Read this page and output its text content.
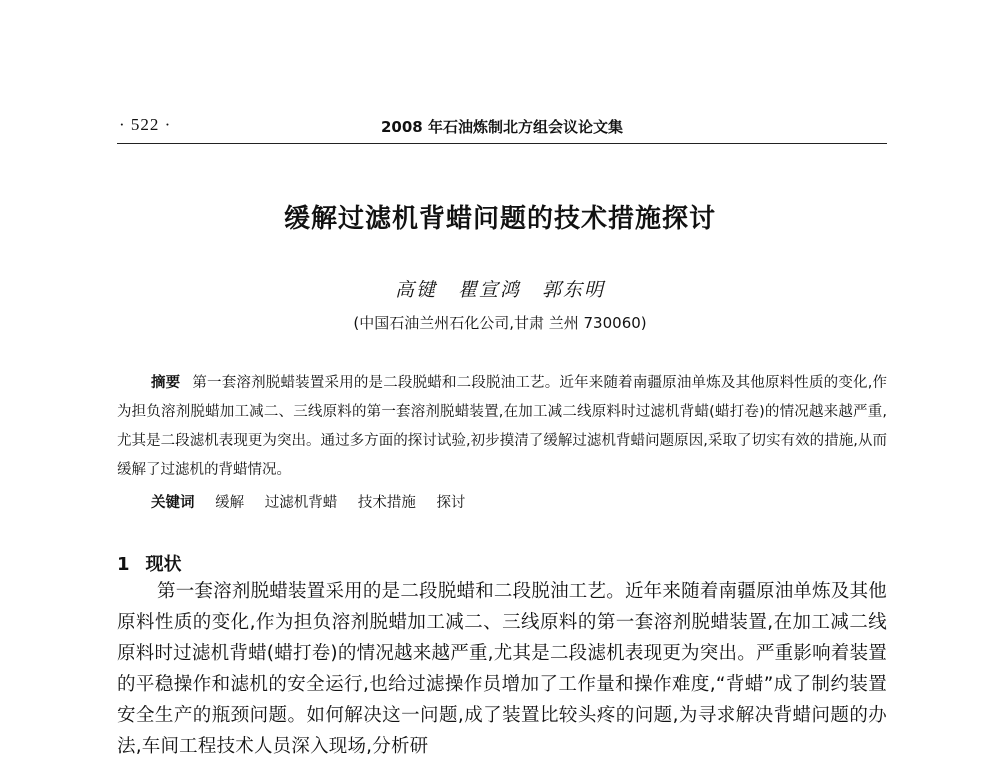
· 522 ·	2008 年石油炼制北方组会议论文集
缓解过滤机背蜡问题的技术措施探讨
高键　瞿宣鸿　郭东明
(中国石油兰州石化公司,甘肃 兰州 730060)

摘要 第一套溶剂脱蜡装置采用的是二段脱蜡和二段脱油工艺。近年来随着南疆原油单炼及其他原料性质的变化,作为担负溶剂脱蜡加工减二、三线原料的第一套溶剂脱蜡装置,在加工减二线原料时过滤机背蜡(蜡打卷)的情况越来越严重,尤其是二段滤机表现更为突出。通过多方面的探讨试验,初步摸清了缓解过滤机背蜡问题原因,采取了切实有效的措施,从而缓解了过滤机的背蜡情况。

关键词 缓解 过滤机背蜡 技术措施 探讨
1 现状

第一套溶剂脱蜡装置采用的是二段脱蜡和二段脱油工艺。近年来随着南疆原油单炼及其他原料性质的变化,作为担负溶剂脱蜡加工减二、三线原料的第一套溶剂脱蜡装置,在加工减二线原料时过滤机背蜡(蜡打卷)的情况越来越严重,尤其是二段滤机表现更为突出。严重影响着装置的平稳操作和滤机的安全运行,也给过滤操作员增加了工作量和操作难度,“背蜡”成了制约装置安全生产的瓶颈问题。如何解决这一问题,成了装置比较头疼的问题,为寻求解决背蜡问题的办法,车间工程技术人员深入现场,分析研
